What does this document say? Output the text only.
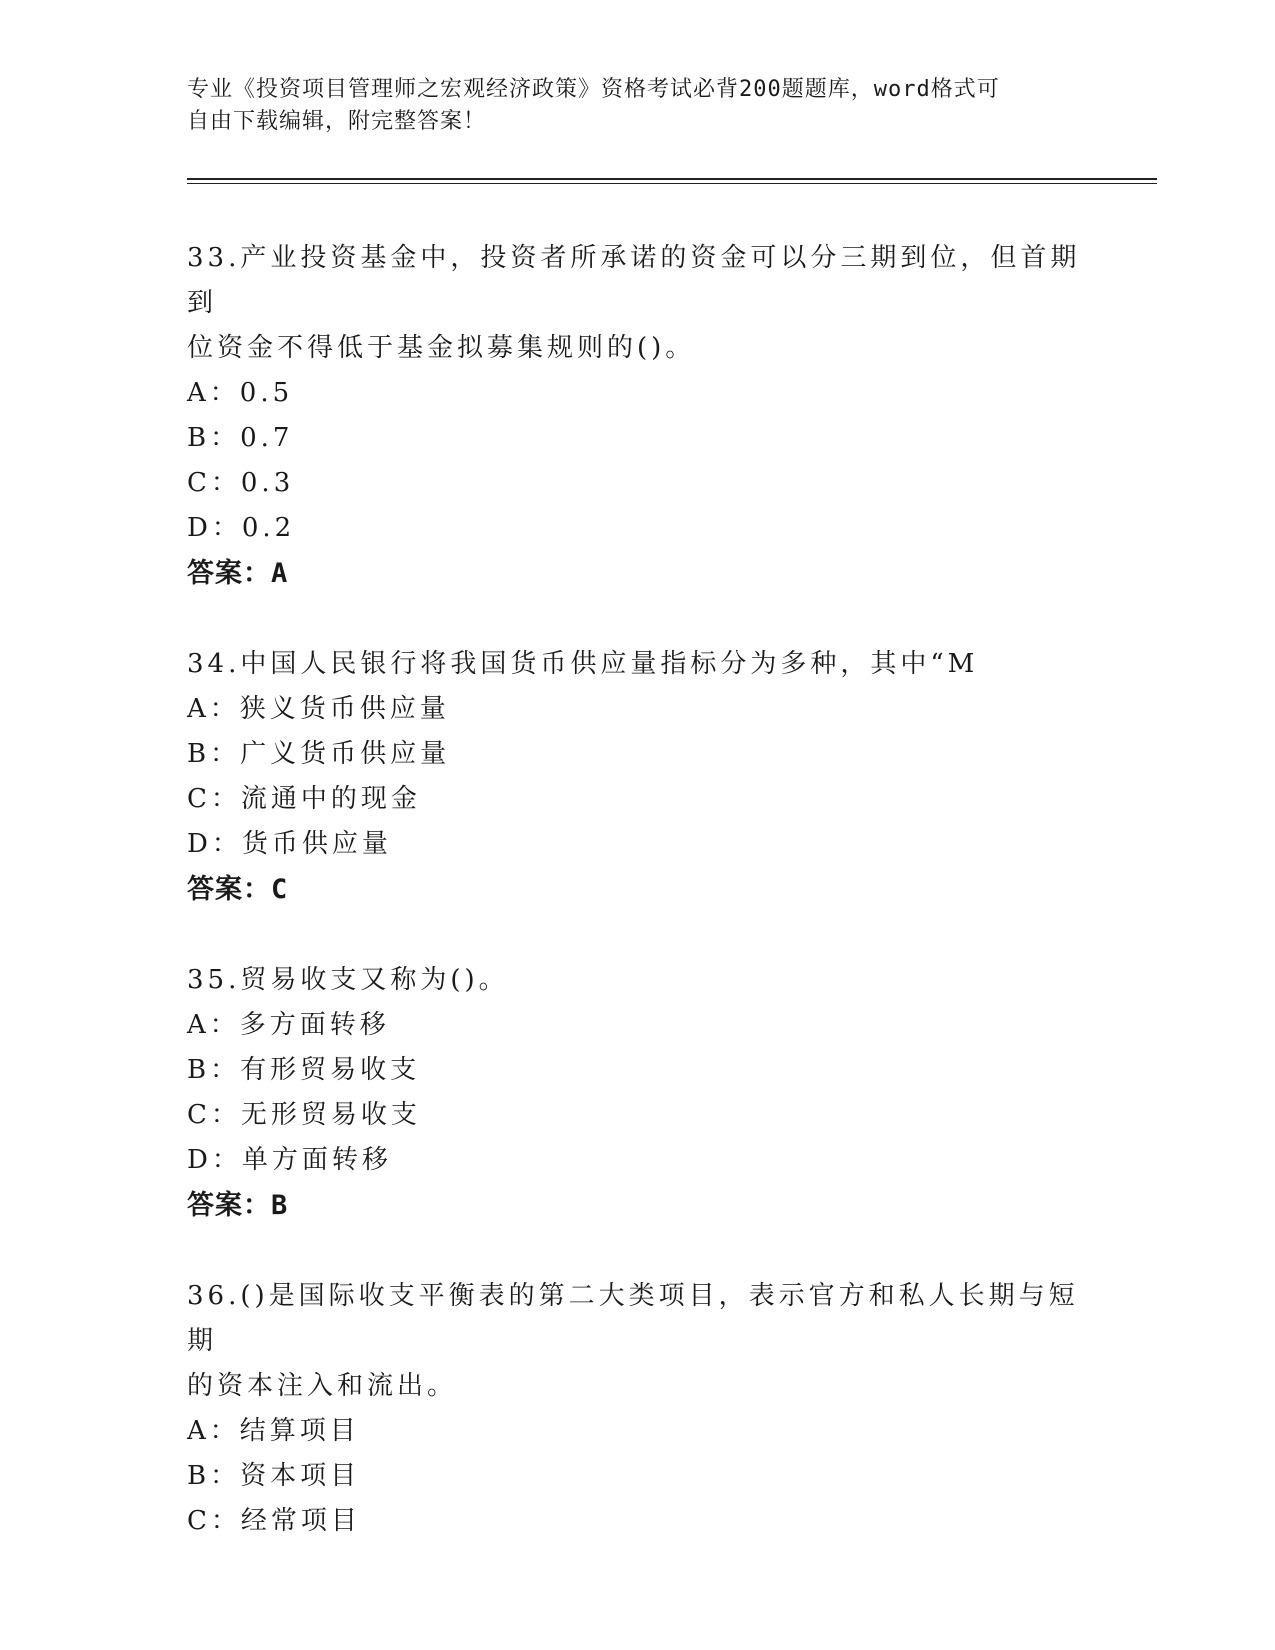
专业《投资项目管理师之宏观经济政策》资格考试必背200题题库，word格式可
自由下载编辑，附完整答案！
33.产业投资基金中，投资者所承诺的资金可以分三期到位，但首期到
位资金不得低于基金拟募集规则的()。
A：0.5
B：0.7
C：0.3
D：0.2
答案：A
34.中国人民银行将我国货币供应量指标分为多种，其中“M
A：狭义货币供应量
B：广义货币供应量
C：流通中的现金
D：货币供应量
答案：C
35.贸易收支又称为()。
A：多方面转移
B：有形贸易收支
C：无形贸易收支
D：单方面转移
答案：B
36.()是国际收支平衡表的第二大类项目，表示官方和私人长期与短期
的资本注入和流出。
A：结算项目
B：资本项目
C：经常项目
